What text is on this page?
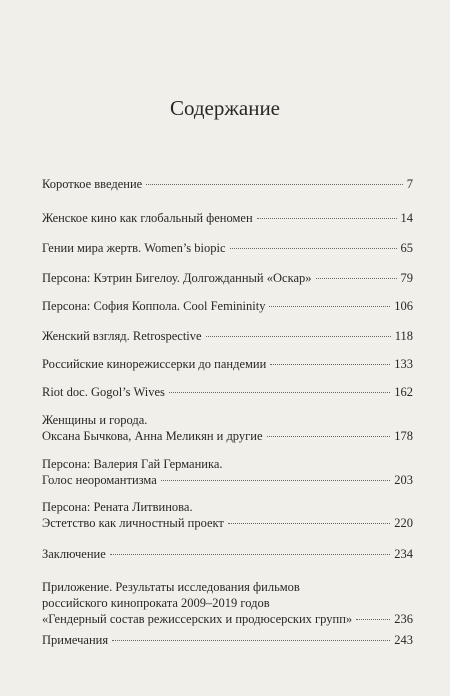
Содержание
Короткое введение	7
Женское кино как глобальный феномен	14
Гении мира жертв. Women’s biopic	65
Персона: Кэтрин Бигелоу. Долгожданный «Оскар»	79
Персона: София Коппола. Cool Femininity	106
Женский взгляд. Retrospective	118
Российские кинорежиссерки до пандемии	133
Riot doc. Gogol’s Wives	162
Женщины и города.
Оксана Бычкова, Анна Меликян и другие	178
Персона: Валерия Гай Германика.
Голос неоромантизма	203
Персона: Рената Литвинова.
Эстетство как личностный проект	220
Заключение	234
Приложение. Результаты исследования фильмов
российского кинопроката 2009–2019 годов
«Гендерный состав режиссерских и продюсерских групп»	236
Примечания	243
